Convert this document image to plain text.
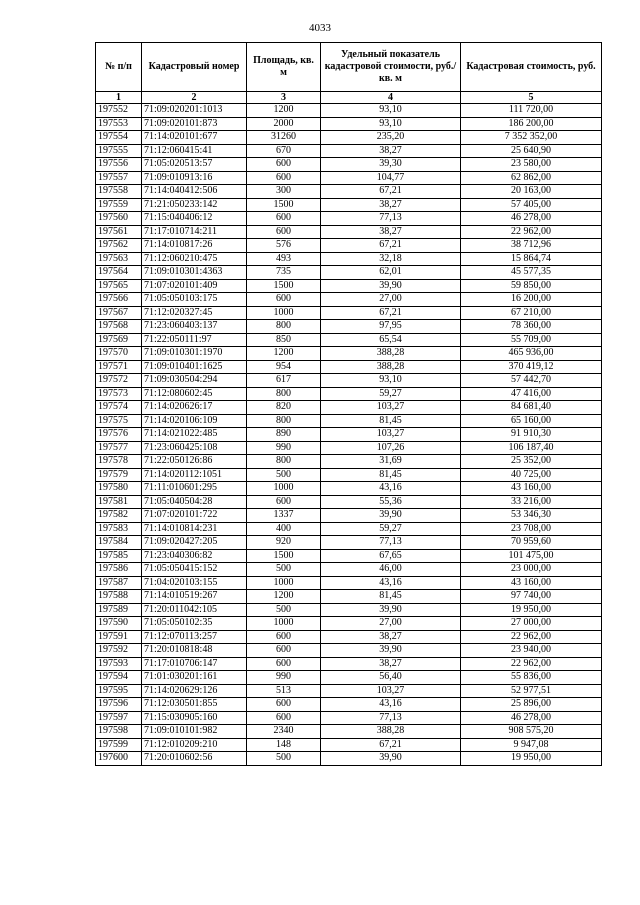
4033
№ п/п	Кадастровый номер	Площадь, кв. м	Удельный показатель кадастровой стоимости, руб./кв. м	Кадастровая стоимость, руб.
1	2	3	4	5
197552	71:09:020201:1013	1200	93,10	111 720,00
197553	71:09:020101:873	2000	93,10	186 200,00
197554	71:14:020101:677	31260	235,20	7 352 352,00
197555	71:12:060415:41	670	38,27	25 640,90
197556	71:05:020513:57	600	39,30	23 580,00
197557	71:09:010913:16	600	104,77	62 862,00
197558	71:14:040412:506	300	67,21	20 163,00
197559	71:21:050233:142	1500	38,27	57 405,00
197560	71:15:040406:12	600	77,13	46 278,00
197561	71:17:010714:211	600	38,27	22 962,00
197562	71:14:010817:26	576	67,21	38 712,96
197563	71:12:060210:475	493	32,18	15 864,74
197564	71:09:010301:4363	735	62,01	45 577,35
197565	71:07:020101:409	1500	39,90	59 850,00
197566	71:05:050103:175	600	27,00	16 200,00
197567	71:12:020327:45	1000	67,21	67 210,00
197568	71:23:060403:137	800	97,95	78 360,00
197569	71:22:050111:97	850	65,54	55 709,00
197570	71:09:010301:1970	1200	388,28	465 936,00
197571	71:09:010401:1625	954	388,28	370 419,12
197572	71:09:030504:294	617	93,10	57 442,70
197573	71:12:080602:45	800	59,27	47 416,00
197574	71:14:020626:17	820	103,27	84 681,40
197575	71:14:020106:109	800	81,45	65 160,00
197576	71:14:021022:485	890	103,27	91 910,30
197577	71:23:060425:108	990	107,26	106 187,40
197578	71:22:050126:86	800	31,69	25 352,00
197579	71:14:020112:1051	500	81,45	40 725,00
197580	71:11:010601:295	1000	43,16	43 160,00
197581	71:05:040504:28	600	55,36	33 216,00
197582	71:07:020101:722	1337	39,90	53 346,30
197583	71:14:010814:231	400	59,27	23 708,00
197584	71:09:020427:205	920	77,13	70 959,60
197585	71:23:040306:82	1500	67,65	101 475,00
197586	71:05:050415:152	500	46,00	23 000,00
197587	71:04:020103:155	1000	43,16	43 160,00
197588	71:14:010519:267	1200	81,45	97 740,00
197589	71:20:011042:105	500	39,90	19 950,00
197590	71:05:050102:35	1000	27,00	27 000,00
197591	71:12:070113:257	600	38,27	22 962,00
197592	71:20:010818:48	600	39,90	23 940,00
197593	71:17:010706:147	600	38,27	22 962,00
197594	71:01:030201:161	990	56,40	55 836,00
197595	71:14:020629:126	513	103,27	52 977,51
197596	71:12:030501:855	600	43,16	25 896,00
197597	71:15:030905:160	600	77,13	46 278,00
197598	71:09:010101:982	2340	388,28	908 575,20
197599	71:12:010209:210	148	67,21	9 947,08
197600	71:20:010602:56	500	39,90	19 950,00
